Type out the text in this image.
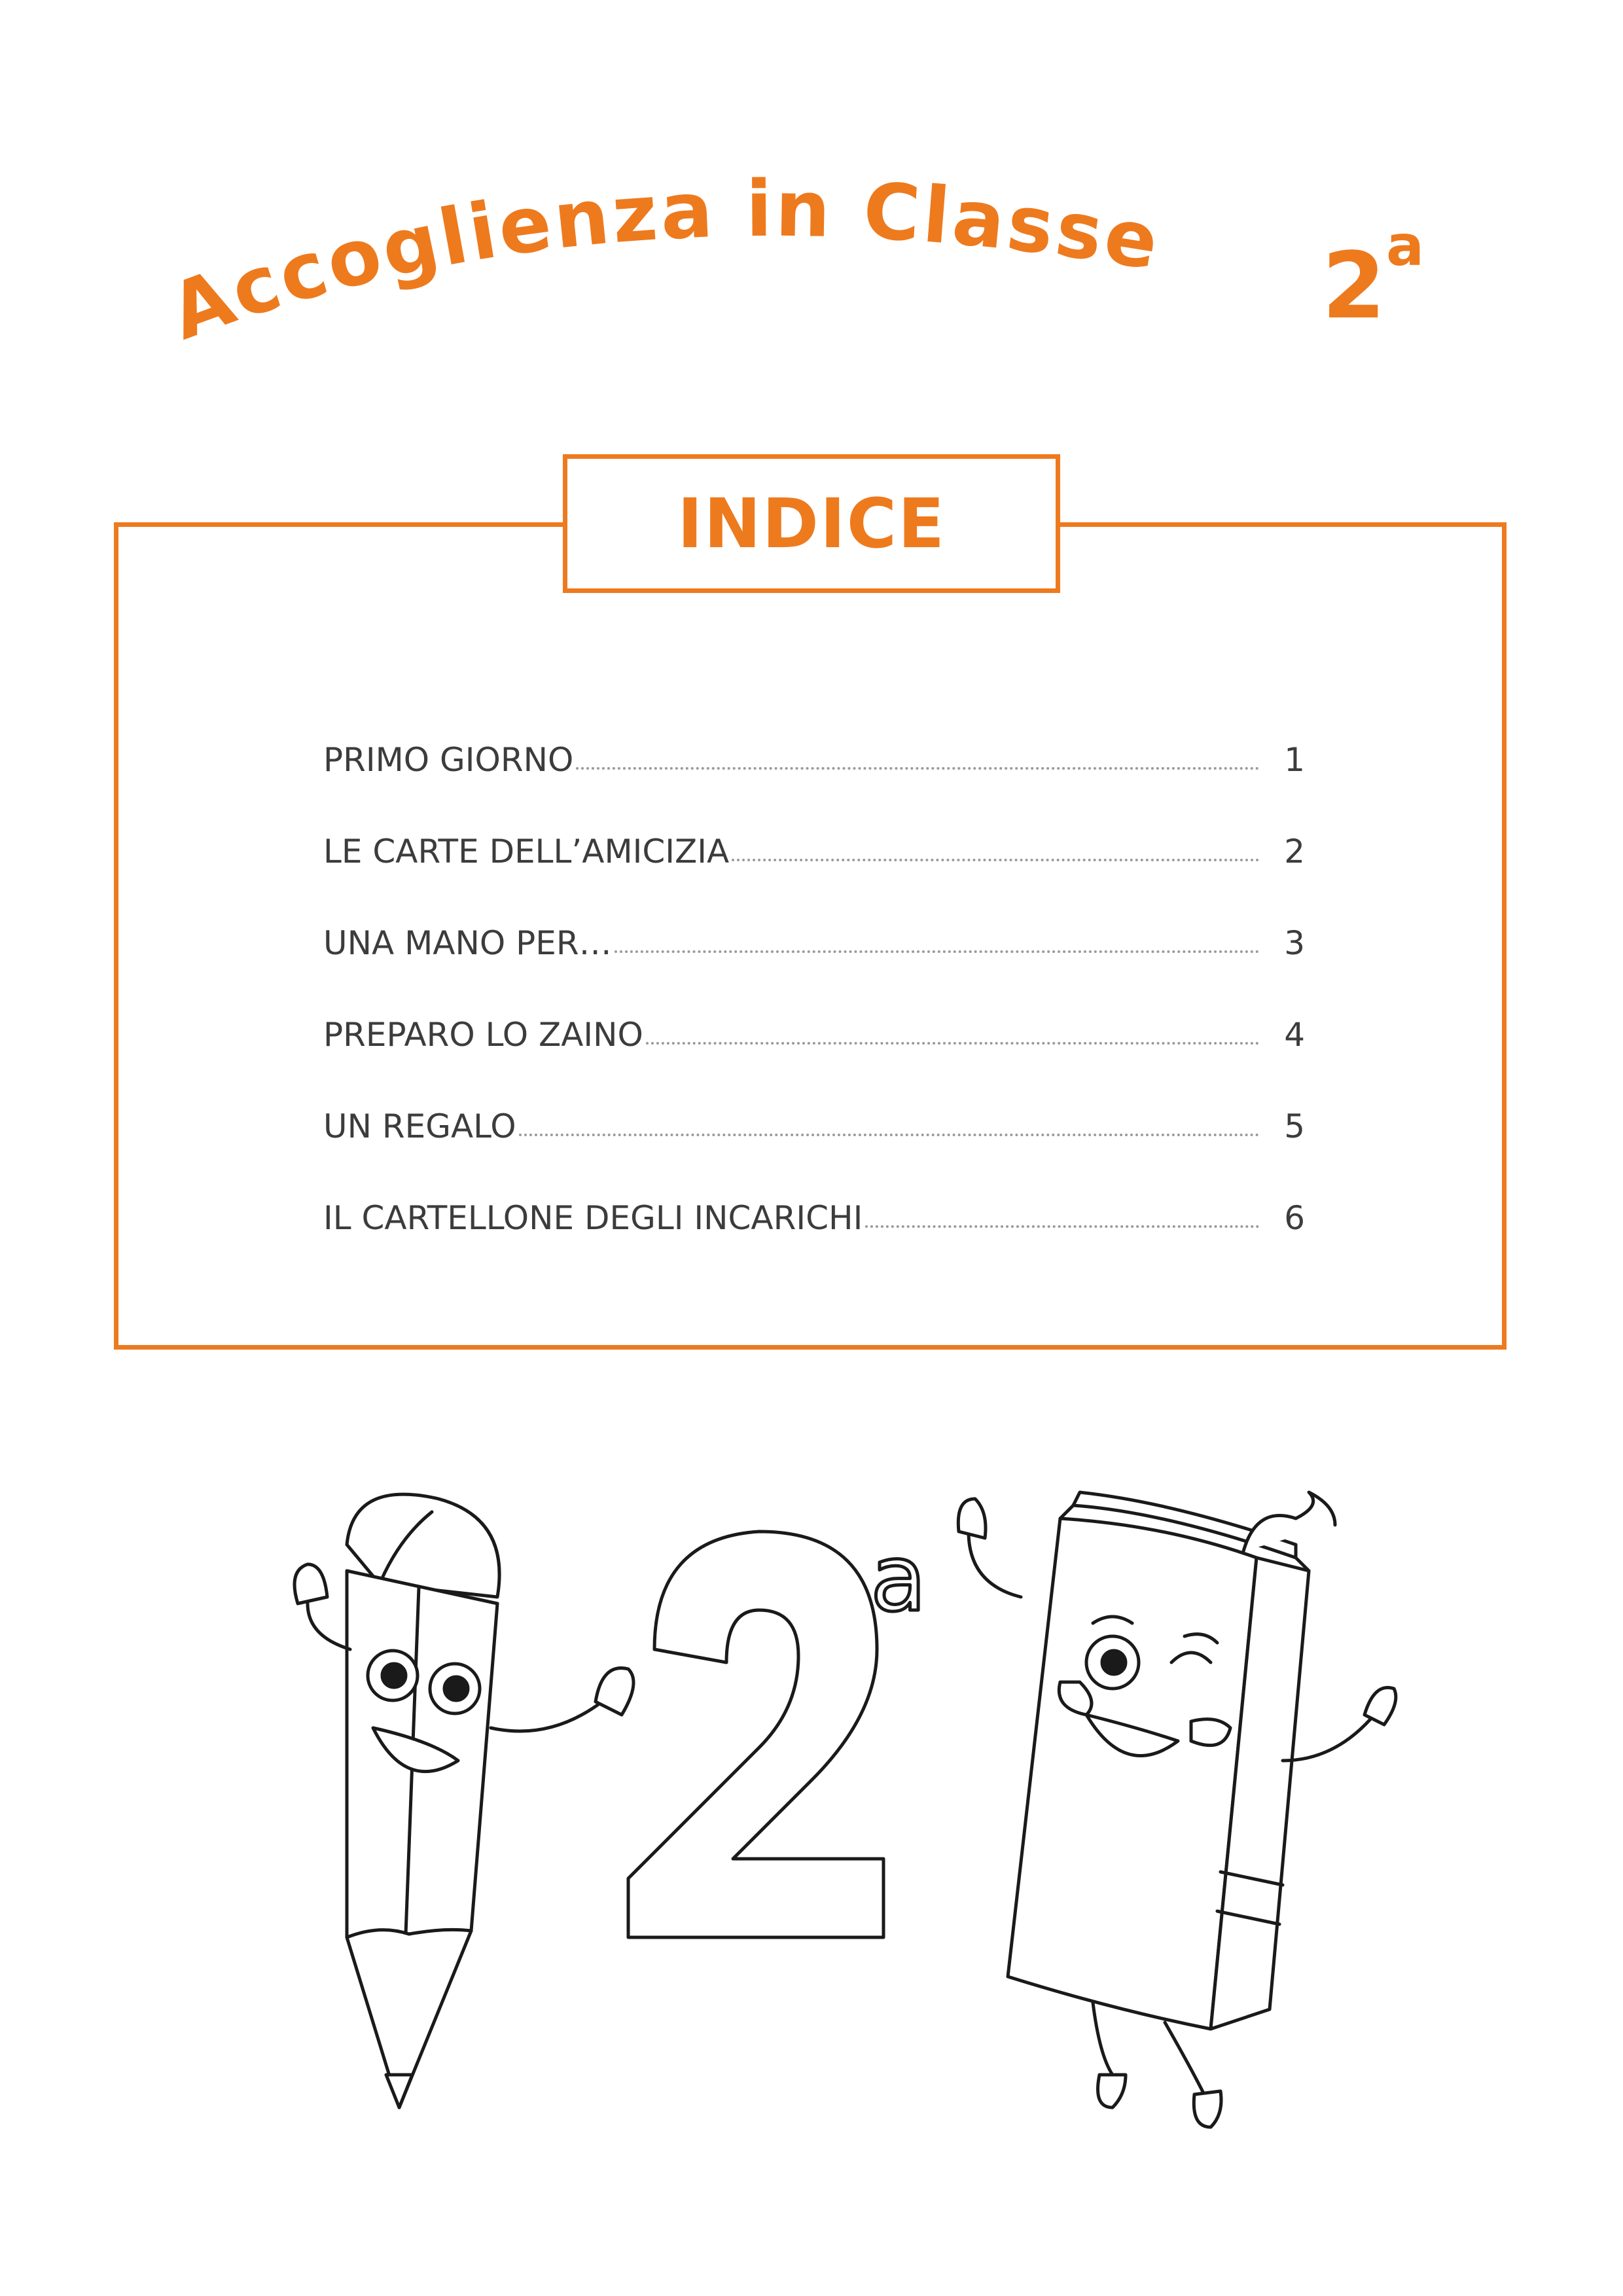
Accoglienza in Classe 2 a
INDICE
PRIMO GIORNO	1
LE CARTE DELL’AMICIZIA	2
UNA MANO PER…	3
PREPARO LO ZAINO	4
UN REGALO	5
IL CARTELLONE DEGLI INCARICHI	6
a
